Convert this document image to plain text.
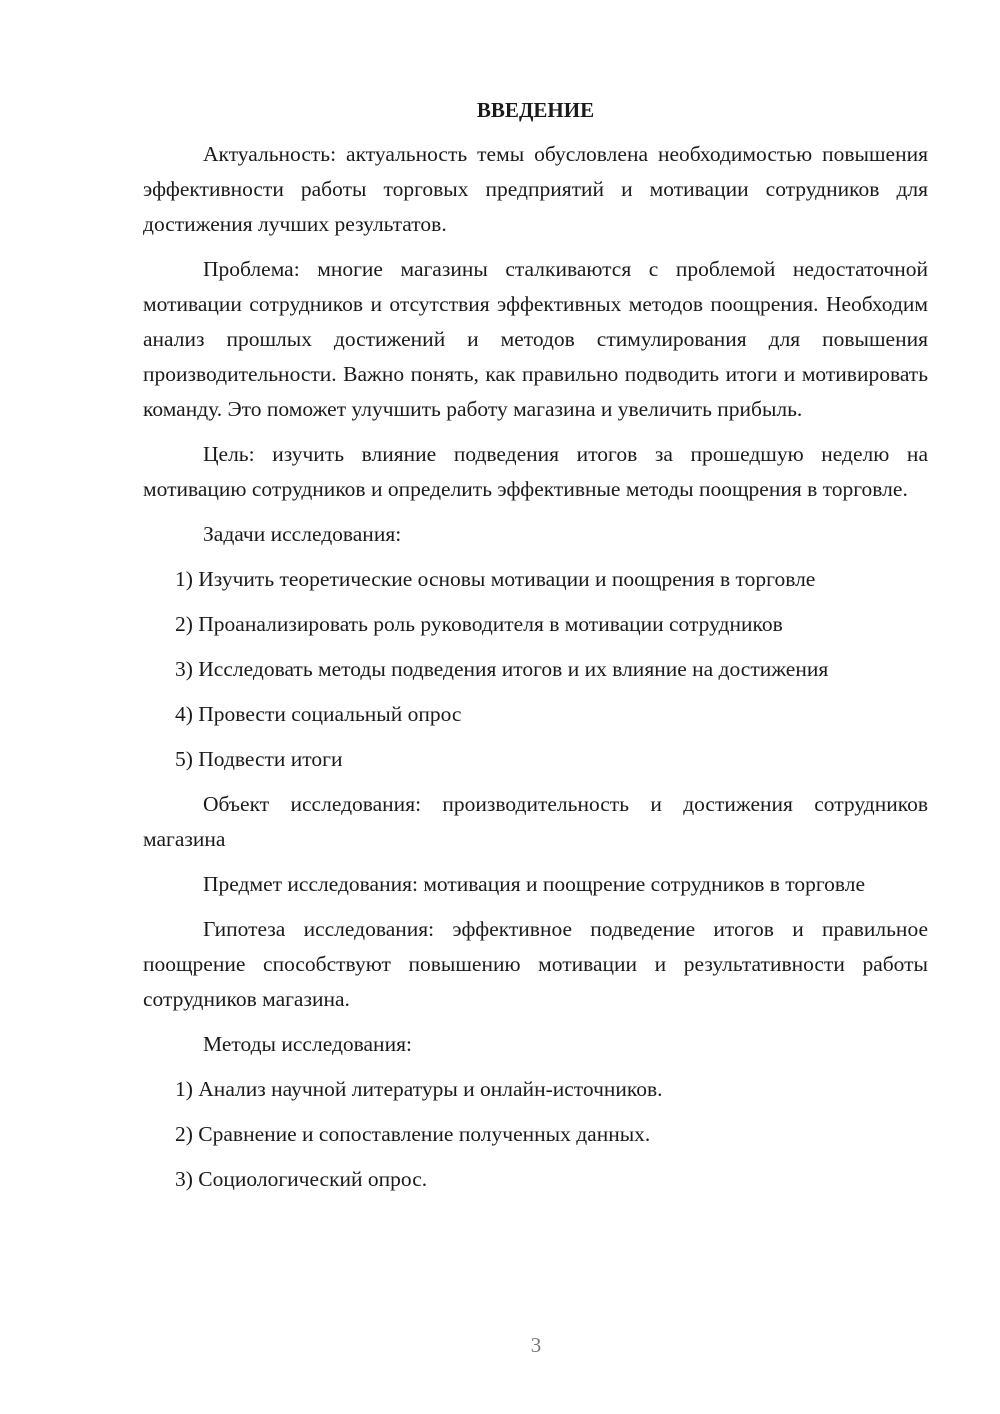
ВВЕДЕНИЕ

Актуальность: актуальность темы обусловлена необходимостью повышения эффективности работы торговых предприятий и мотивации сотрудников для достижения лучших результатов.

Проблема: многие магазины сталкиваются с проблемой недостаточной мотивации сотрудников и отсутствия эффективных методов поощрения. Необходим анализ прошлых достижений и методов стимулирования для повышения производительности. Важно понять, как правильно подводить итоги и мотивировать команду. Это поможет улучшить работу магазина и увеличить прибыль.

Цель: изучить влияние подведения итогов за прошедшую неделю на мотивацию сотрудников и определить эффективные методы поощрения в торговле.

Задачи исследования:

1) Изучить теоретические основы мотивации и поощрения в торговле
2) Проанализировать роль руководителя в мотивации сотрудников
3) Исследовать методы подведения итогов и их влияние на достижения
4) Провести социальный опрос
5) Подвести итоги

Объект исследования: производительность и достижения сотрудников магазина

Предмет исследования: мотивация и поощрение сотрудников в торговле

Гипотеза исследования: эффективное подведение итогов и правильное поощрение способствуют повышению мотивации и результативности работы сотрудников магазина.

Методы исследования:

1) Анализ научной литературы и онлайн-источников.
2) Сравнение и сопоставление полученных данных.
3) Социологический опрос.
3
